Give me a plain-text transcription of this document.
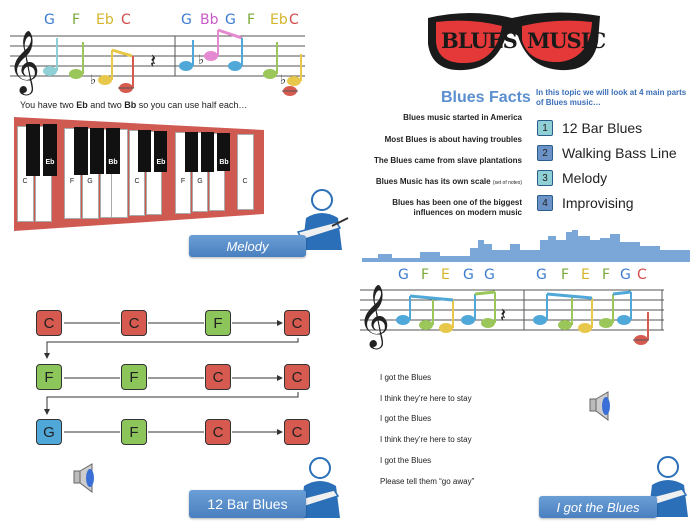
G F Eb C	G Bb G F Eb C
𝄞	♭
𝄽	♭
♭
You have two Eb and two Bb so you can use half each…
Eb	Bb	Eb	Bb
C	F	G	C	F	G	C
Melody
BLUES MUSIC
Blues Facts In this topic we will look at 4 main parts of Blues music…
Blues music started in America
Most Blues is about having troubles
The Blues came from slave plantations
Blues Music has its own scale (set of notes)
Blues has been one of the biggest influences on modern music
1	12 Bar Blues
2	Walking Bass Line
3	Melody
4	Improvising
C	C	F	C
F	F	C	C
G	F	C	C
12 Bar Blues
G F E G G	G F E F G C
𝄞	𝄽
I got the Blues
I think they’re here to stay
I got the Blues
I think they’re here to stay
I got the Blues
Please tell them “go away”
I got the Blues
